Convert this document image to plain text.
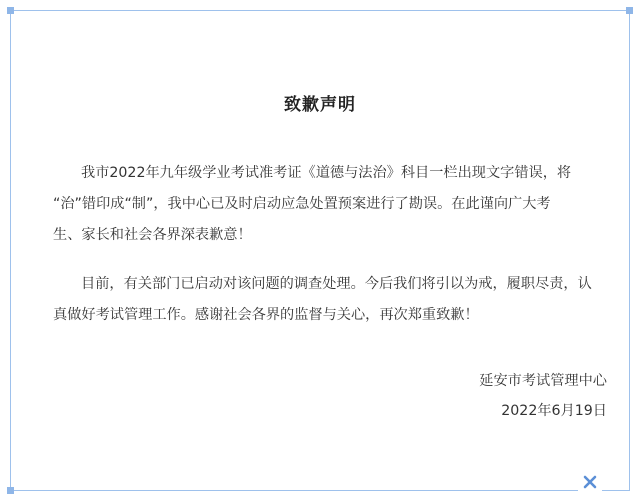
致歉声明
我市2022年九年级学业考试准考证《道德与法治》科目一栏出现文字错误，将
“治”错印成“制”，我中心已及时启动应急处置预案进行了勘误。在此谨向广大考
生、家长和社会各界深表歉意！
目前，有关部门已启动对该问题的调查处理。今后我们将引以为戒，履职尽责，认
真做好考试管理工作。感谢社会各界的监督与关心，再次郑重致歉！
延安市考试管理中心
2022年6月19日
